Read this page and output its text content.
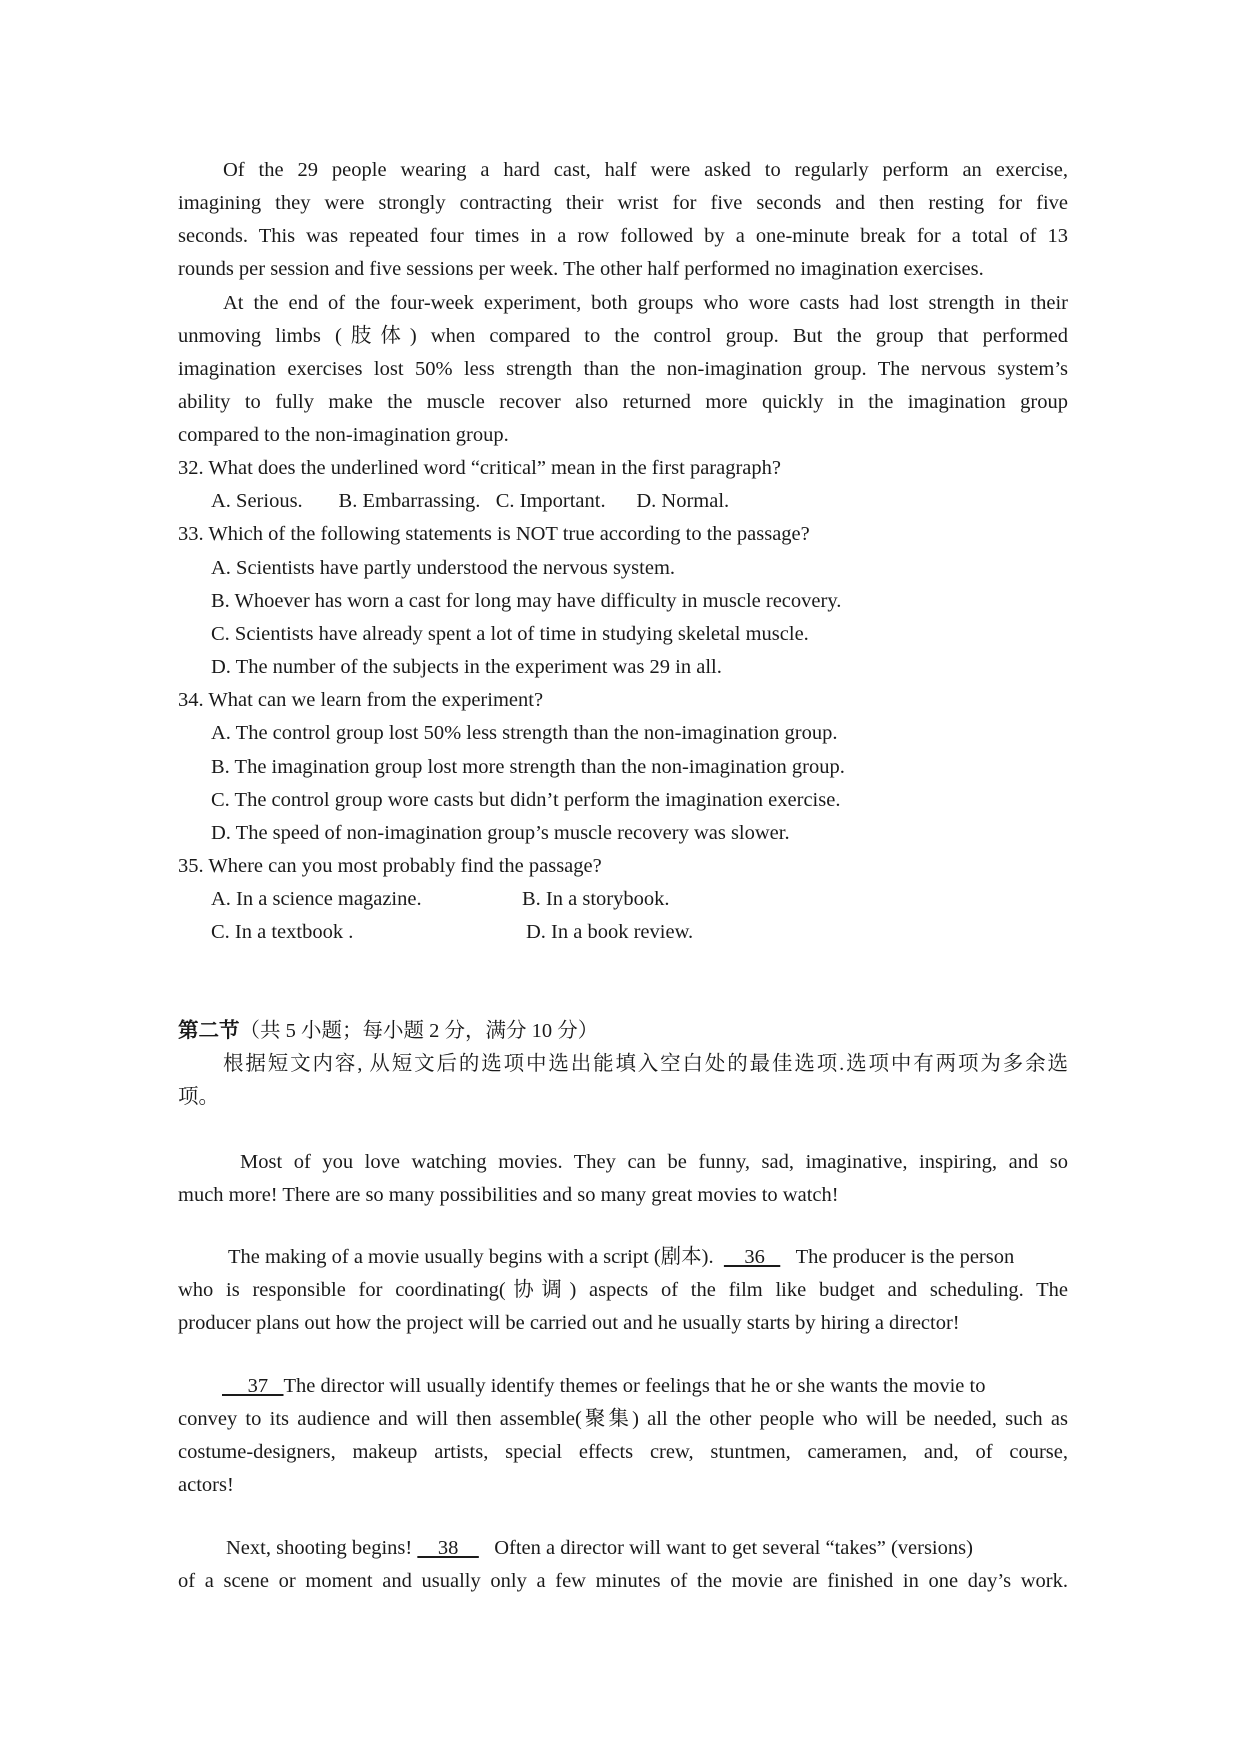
Of the 29 people wearing a hard cast, half were asked to regularly perform an exercise,
imagining they were strongly contracting their wrist for five seconds and then resting for five
seconds. This was repeated four times in a row followed by a one-minute break for a total of 13
rounds per session and five sessions per week. The other half performed no imagination exercises.
At the end of the four-week experiment, both groups who wore casts had lost strength in their
unmoving limbs (肢体) when compared to the control group. But the group that performed
imagination exercises lost 50% less strength than the non-imagination group. The nervous system’s
ability to fully make the muscle recover also returned more quickly in the imagination group
compared to the non-imagination group.
32. What does the underlined word “critical” mean in the first paragraph?
A. Serious.       B. Embarrassing.   C. Important.      D. Normal.
33. Which of the following statements is NOT true according to the passage?
A. Scientists have partly understood the nervous system.
B. Whoever has worn a cast for long may have difficulty in muscle recovery.
C. Scientists have already spent a lot of time in studying skeletal muscle.
D. The number of the subjects in the experiment was 29 in all.
34. What can we learn from the experiment?
A. The control group lost 50% less strength than the non-imagination group.
B. The imagination group lost more strength than the non-imagination group.
C. The control group wore casts but didn’t perform the imagination exercise.
D. The speed of non-imagination group’s muscle recovery was slower.
35. Where can you most probably find the passage?
A. In a science magazine.	B. In a storybook.
C. In a textbook .	D. In a book review.
第二节（共 5 小题；每小题 2 分，满分 10 分）
根据短文内容, 从短文后的选项中选出能填入空白处的最佳选项.选项中有两项为多余选
项。
Most of you love watching movies. They can be funny, sad, imaginative, inspiring, and so
much more! There are so many possibilities and so many great movies to watch!
The making of a movie usually begins with a script (剧本).      36      The producer is the person
who is responsible for coordinating(协调) aspects of the film like budget and scheduling. The
producer plans out how the project will be carried out and he usually starts by hiring a director!
37   The director will usually identify themes or feelings that he or she wants the movie to
convey to its audience and will then assemble(聚集) all the other people who will be needed, such as
costume-designers, makeup artists, special effects crew, stuntmen, cameramen, and, of course,
actors!
Next, shooting begins!     38       Often a director will want to get several “takes” (versions)
of a scene or moment and usually only a few minutes of the movie are finished in one day’s work.
